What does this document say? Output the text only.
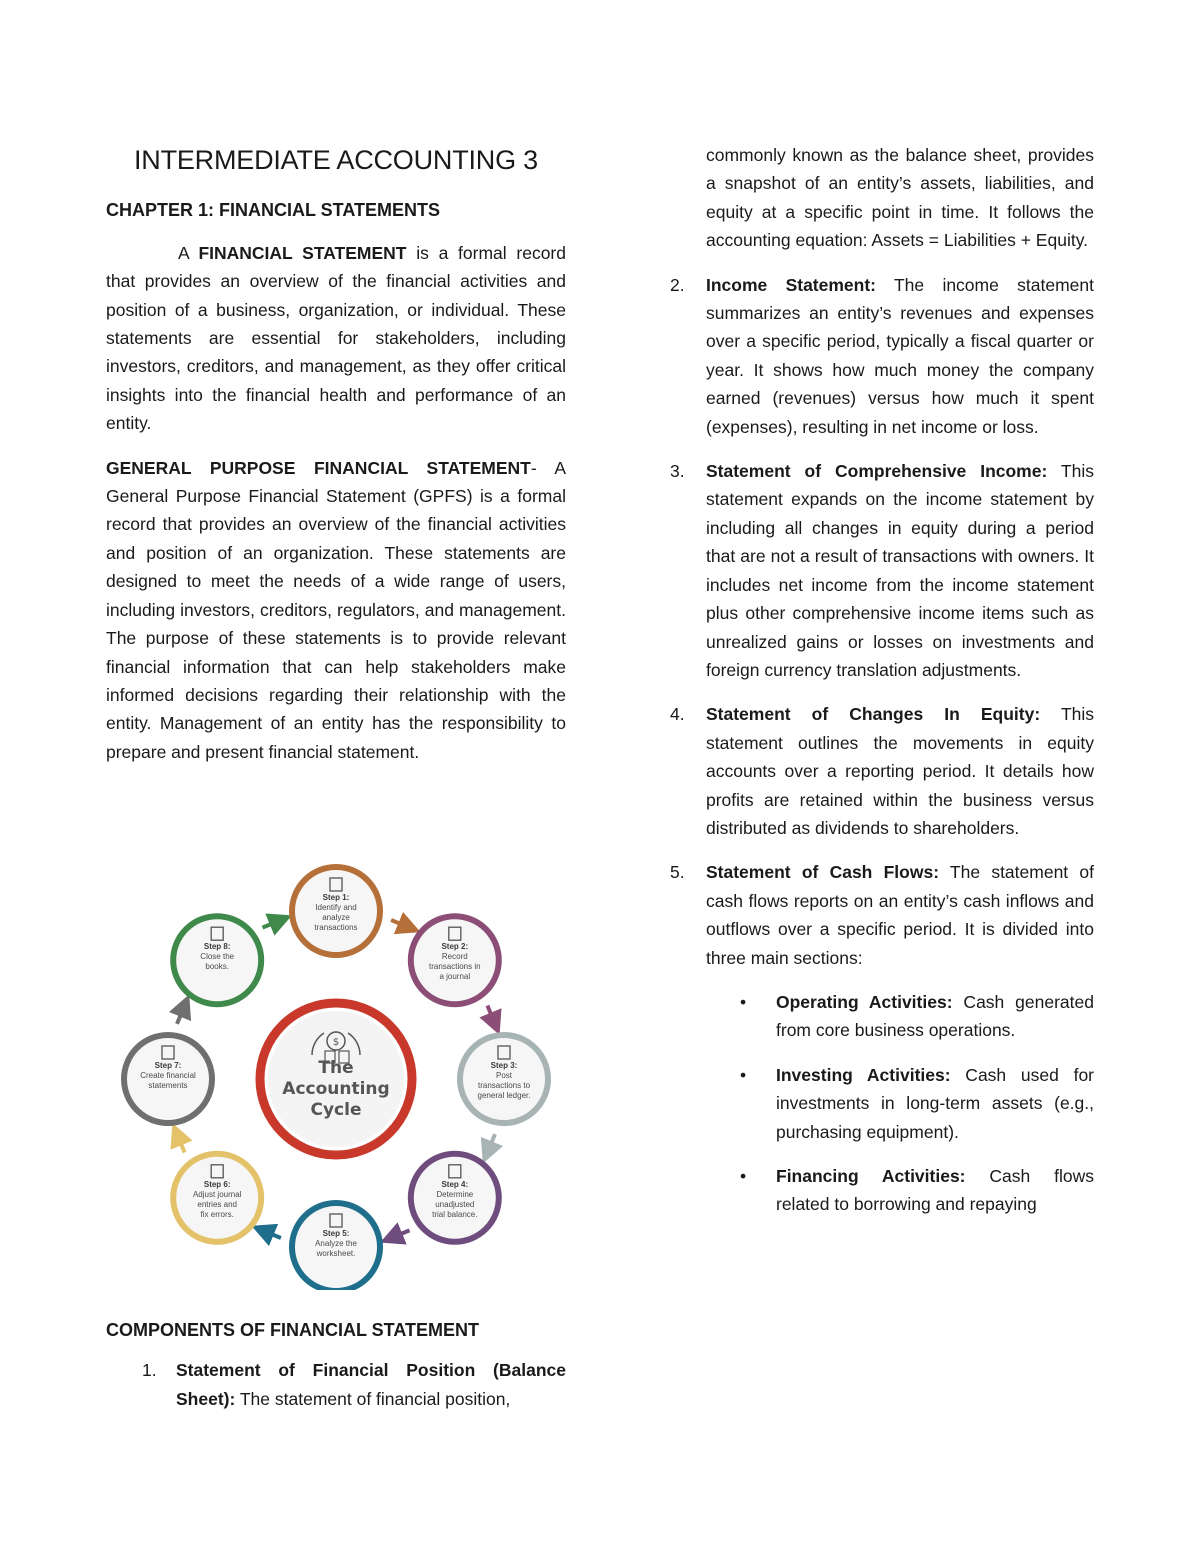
INTERMEDIATE ACCOUNTING 3
CHAPTER 1: FINANCIAL STATEMENTS

A FINANCIAL STATEMENT is a formal record that provides an overview of the financial activities and position of a business, organization, or individual. These statements are essential for stakeholders, including investors, creditors, and management, as they offer critical insights into the financial health and performance of an entity.

GENERAL PURPOSE FINANCIAL STATEMENT- A General Purpose Financial Statement (GPFS) is a formal record that provides an overview of the financial activities and position of an organization. These statements are designed to meet the needs of a wide range of users, including investors, creditors, regulators, and management. The purpose of these statements is to provide relevant financial information that can help stakeholders make informed decisions regarding their relationship with the entity. Management of an entity has the responsibility to prepare and present financial statement.

Step 1:
Identify and
analyze
transactions
Step 2:
Record
transactions in
a journal
Step 3:
Post
transactions to
general ledger.
Step 4:
Determine
unadjusted
trial balance.
Step 5:
Analyze the
worksheet.
Step 6:
Adjust journal
entries and
fix errors.
Step 7:
Create financial
statements
Step 8:
Close the
books.
$
The
Accounting
Cycle
COMPONENTS OF FINANCIAL STATEMENT
1. Statement of Financial Position (Balance Sheet): The statement of financial position,

commonly known as the balance sheet, provides a snapshot of an entity’s assets, liabilities, and equity at a specific point in time. It follows the accounting equation: Assets = Liabilities + Equity.

2. Income Statement: The income statement summarizes an entity’s revenues and expenses over a specific period, typically a fiscal quarter or year. It shows how much money the company earned (revenues) versus how much it spent (expenses), resulting in net income or loss.

3. Statement of Comprehensive Income: This statement expands on the income statement by including all changes in equity during a period that are not a result of transactions with owners. It includes net income from the income statement plus other comprehensive income items such as unrealized gains or losses on investments and foreign currency translation adjustments.

4. Statement of Changes In Equity: This statement outlines the movements in equity accounts over a reporting period. It details how profits are retained within the business versus distributed as dividends to shareholders.

5. Statement of Cash Flows: The statement of cash flows reports on an entity’s cash inflows and outflows over a specific period. It is divided into three main sections:

• Operating Activities: Cash generated from core business operations.

• Investing Activities: Cash used for investments in long-term assets (e.g., purchasing equipment).

• Financing Activities: Cash flows related to borrowing and repaying
